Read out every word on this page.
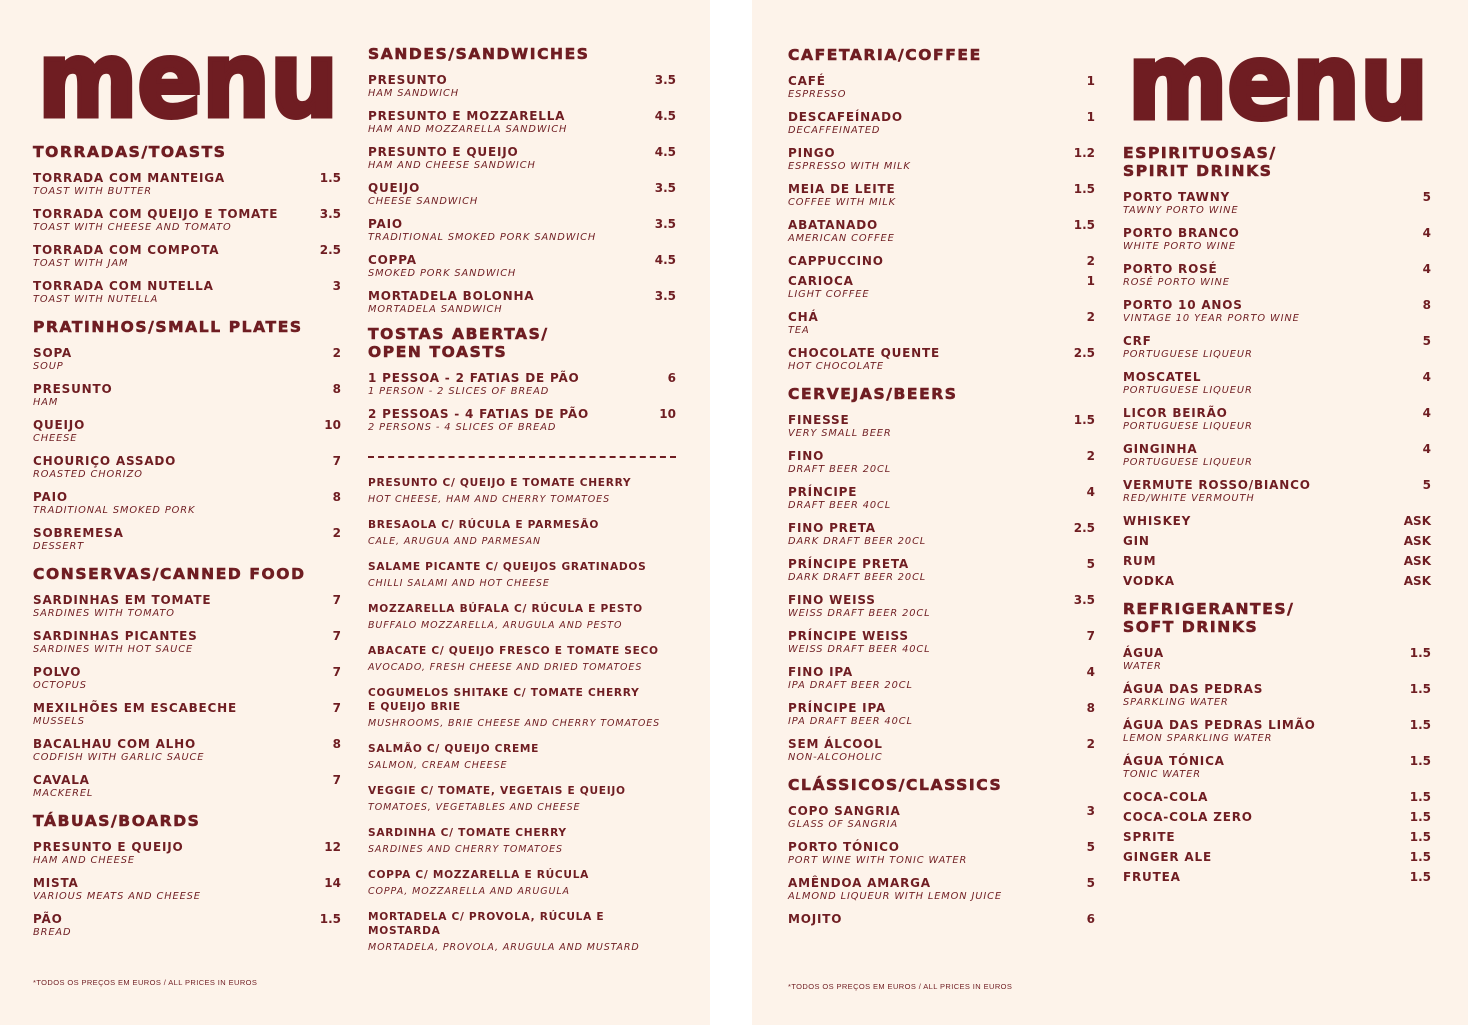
menu
TORRADAS/TOASTS
TORRADA COM MANTEIGA
TOAST WITH BUTTER
1.5
TORRADA COM QUEIJO E TOMATE
TOAST WITH CHEESE AND TOMATO
3.5
TORRADA COM COMPOTA
TOAST WITH JAM
2.5
TORRADA COM NUTELLA
TOAST WITH NUTELLA
3
PRATINHOS/SMALL PLATES
SOPA
SOUP
2
PRESUNTO
HAM
8
QUEIJO
CHEESE
10
CHOURIÇO ASSADO
ROASTED CHORIZO
7
PAIO
TRADITIONAL SMOKED PORK
8
SOBREMESA
DESSERT
2
CONSERVAS/CANNED FOOD
SARDINHAS EM TOMATE
SARDINES WITH TOMATO
7
SARDINHAS PICANTES
SARDINES WITH HOT SAUCE
7
POLVO
OCTOPUS
7
MEXILHÕES EM ESCABECHE
MUSSELS
7
BACALHAU COM ALHO
CODFISH WITH GARLIC SAUCE
8
CAVALA
MACKEREL
7
TÁBUAS/BOARDS
PRESUNTO E QUEIJO
HAM AND CHEESE
12
MISTA
VARIOUS MEATS AND CHEESE
14
PÃO
BREAD
1.5
SANDES/SANDWICHES
PRESUNTO
HAM SANDWICH
3.5
PRESUNTO E MOZZARELLA
HAM AND MOZZARELLA SANDWICH
4.5
PRESUNTO E QUEIJO
HAM AND CHEESE SANDWICH
4.5
QUEIJO
CHEESE SANDWICH
3.5
PAIO
TRADITIONAL SMOKED PORK SANDWICH
3.5
COPPA
SMOKED PORK SANDWICH
4.5
MORTADELA BOLONHA
MORTADELA SANDWICH
3.5
TOSTAS ABERTAS/
OPEN TOASTS
1 PESSOA - 2 FATIAS DE PÃO
1 PERSON - 2 SLICES OF BREAD
6
2 PESSOAS - 4 FATIAS DE PÃO
2 PERSONS - 4 SLICES OF BREAD
10
PRESUNTO C/ QUEIJO E TOMATE CHERRY
HOT CHEESE, HAM AND CHERRY TOMATOES
BRESAOLA C/ RÚCULA E PARMESÃO
CALE, ARUGUA AND PARMESAN
SALAME PICANTE C/ QUEIJOS GRATINADOS
CHILLI SALAMI AND HOT CHEESE
MOZZARELLA BÚFALA C/ RÚCULA E PESTO
BUFFALO MOZZARELLA, ARUGULA AND PESTO
ABACATE C/ QUEIJO FRESCO E TOMATE SECO
AVOCADO, FRESH CHEESE AND DRIED TOMATOES
COGUMELOS SHITAKE C/ TOMATE CHERRY
E QUEIJO BRIE
MUSHROOMS, BRIE CHEESE AND CHERRY TOMATOES
SALMÃO C/ QUEIJO CREME
SALMON, CREAM CHEESE
VEGGIE C/ TOMATE, VEGETAIS E QUEIJO
TOMATOES, VEGETABLES AND CHEESE
SARDINHA C/ TOMATE CHERRY
SARDINES AND CHERRY TOMATOES
COPPA C/ MOZZARELLA E RÚCULA
COPPA, MOZZARELLA AND ARUGULA
MORTADELA C/ PROVOLA, RÚCULA E MOSTARDA
MORTADELA, PROVOLA, ARUGULA AND MUSTARD
*TODOS OS PREÇOS EM EUROS / ALL PRICES IN EUROS
CAFETARIA/COFFEE
CAFÉ
ESPRESSO
1
DESCAFEÍNADO
DECAFFEINATED
1
PINGO
ESPRESSO WITH MILK
1.2
MEIA DE LEITE
COFFEE WITH MILK
1.5
ABATANADO
AMERICAN COFFEE
1.5
CAPPUCCINO	2
CARIOCA
LIGHT COFFEE
1
CHÁ
TEA
2
CHOCOLATE QUENTE
HOT CHOCOLATE
2.5
CERVEJAS/BEERS
FINESSE
VERY SMALL BEER
1.5
FINO
DRAFT BEER 20CL
2
PRÍNCIPE
DRAFT BEER 40CL
4
FINO PRETA
DARK DRAFT BEER 20CL
2.5
PRÍNCIPE PRETA
DARK DRAFT BEER 20CL
5
FINO WEISS
WEISS DRAFT BEER 20CL
3.5
PRÍNCIPE WEISS
WEISS DRAFT BEER 40CL
7
FINO IPA
IPA DRAFT BEER 20CL
4
PRÍNCIPE IPA
IPA DRAFT BEER 40CL
8
SEM ÁLCOOL
NON-ALCOHOLIC
2
CLÁSSICOS/CLASSICS
COPO SANGRIA
GLASS OF SANGRIA
3
PORTO TÓNICO
PORT WINE WITH TONIC WATER
5
AMÊNDOA AMARGA
ALMOND LIQUEUR WITH LEMON JUICE
5
MOJITO	6
menu
ESPIRITUOSAS/
SPIRIT DRINKS
PORTO TAWNY
TAWNY PORTO WINE
5
PORTO BRANCO
WHITE PORTO WINE
4
PORTO ROSÉ
ROSÉ PORTO WINE
4
PORTO 10 ANOS
VINTAGE 10 YEAR PORTO WINE
8
CRF
PORTUGUESE LIQUEUR
5
MOSCATEL
PORTUGUESE LIQUEUR
4
LICOR BEIRÃO
PORTUGUESE LIQUEUR
4
GINGINHA
PORTUGUESE LIQUEUR
4
VERMUTE ROSSO/BIANCO
RED/WHITE VERMOUTH
5
WHISKEY	ASK
GIN	ASK
RUM	ASK
VODKA	ASK
REFRIGERANTES/
SOFT DRINKS
ÁGUA
WATER
1.5
ÁGUA DAS PEDRAS
SPARKLING WATER
1.5
ÁGUA DAS PEDRAS LIMÃO
LEMON SPARKLING WATER
1.5
ÁGUA TÓNICA
TONIC WATER
1.5
COCA-COLA	1.5
COCA-COLA ZERO	1.5
SPRITE	1.5
GINGER ALE	1.5
FRUTEA	1.5
*TODOS OS PREÇOS EM EUROS / ALL PRICES IN EUROS
